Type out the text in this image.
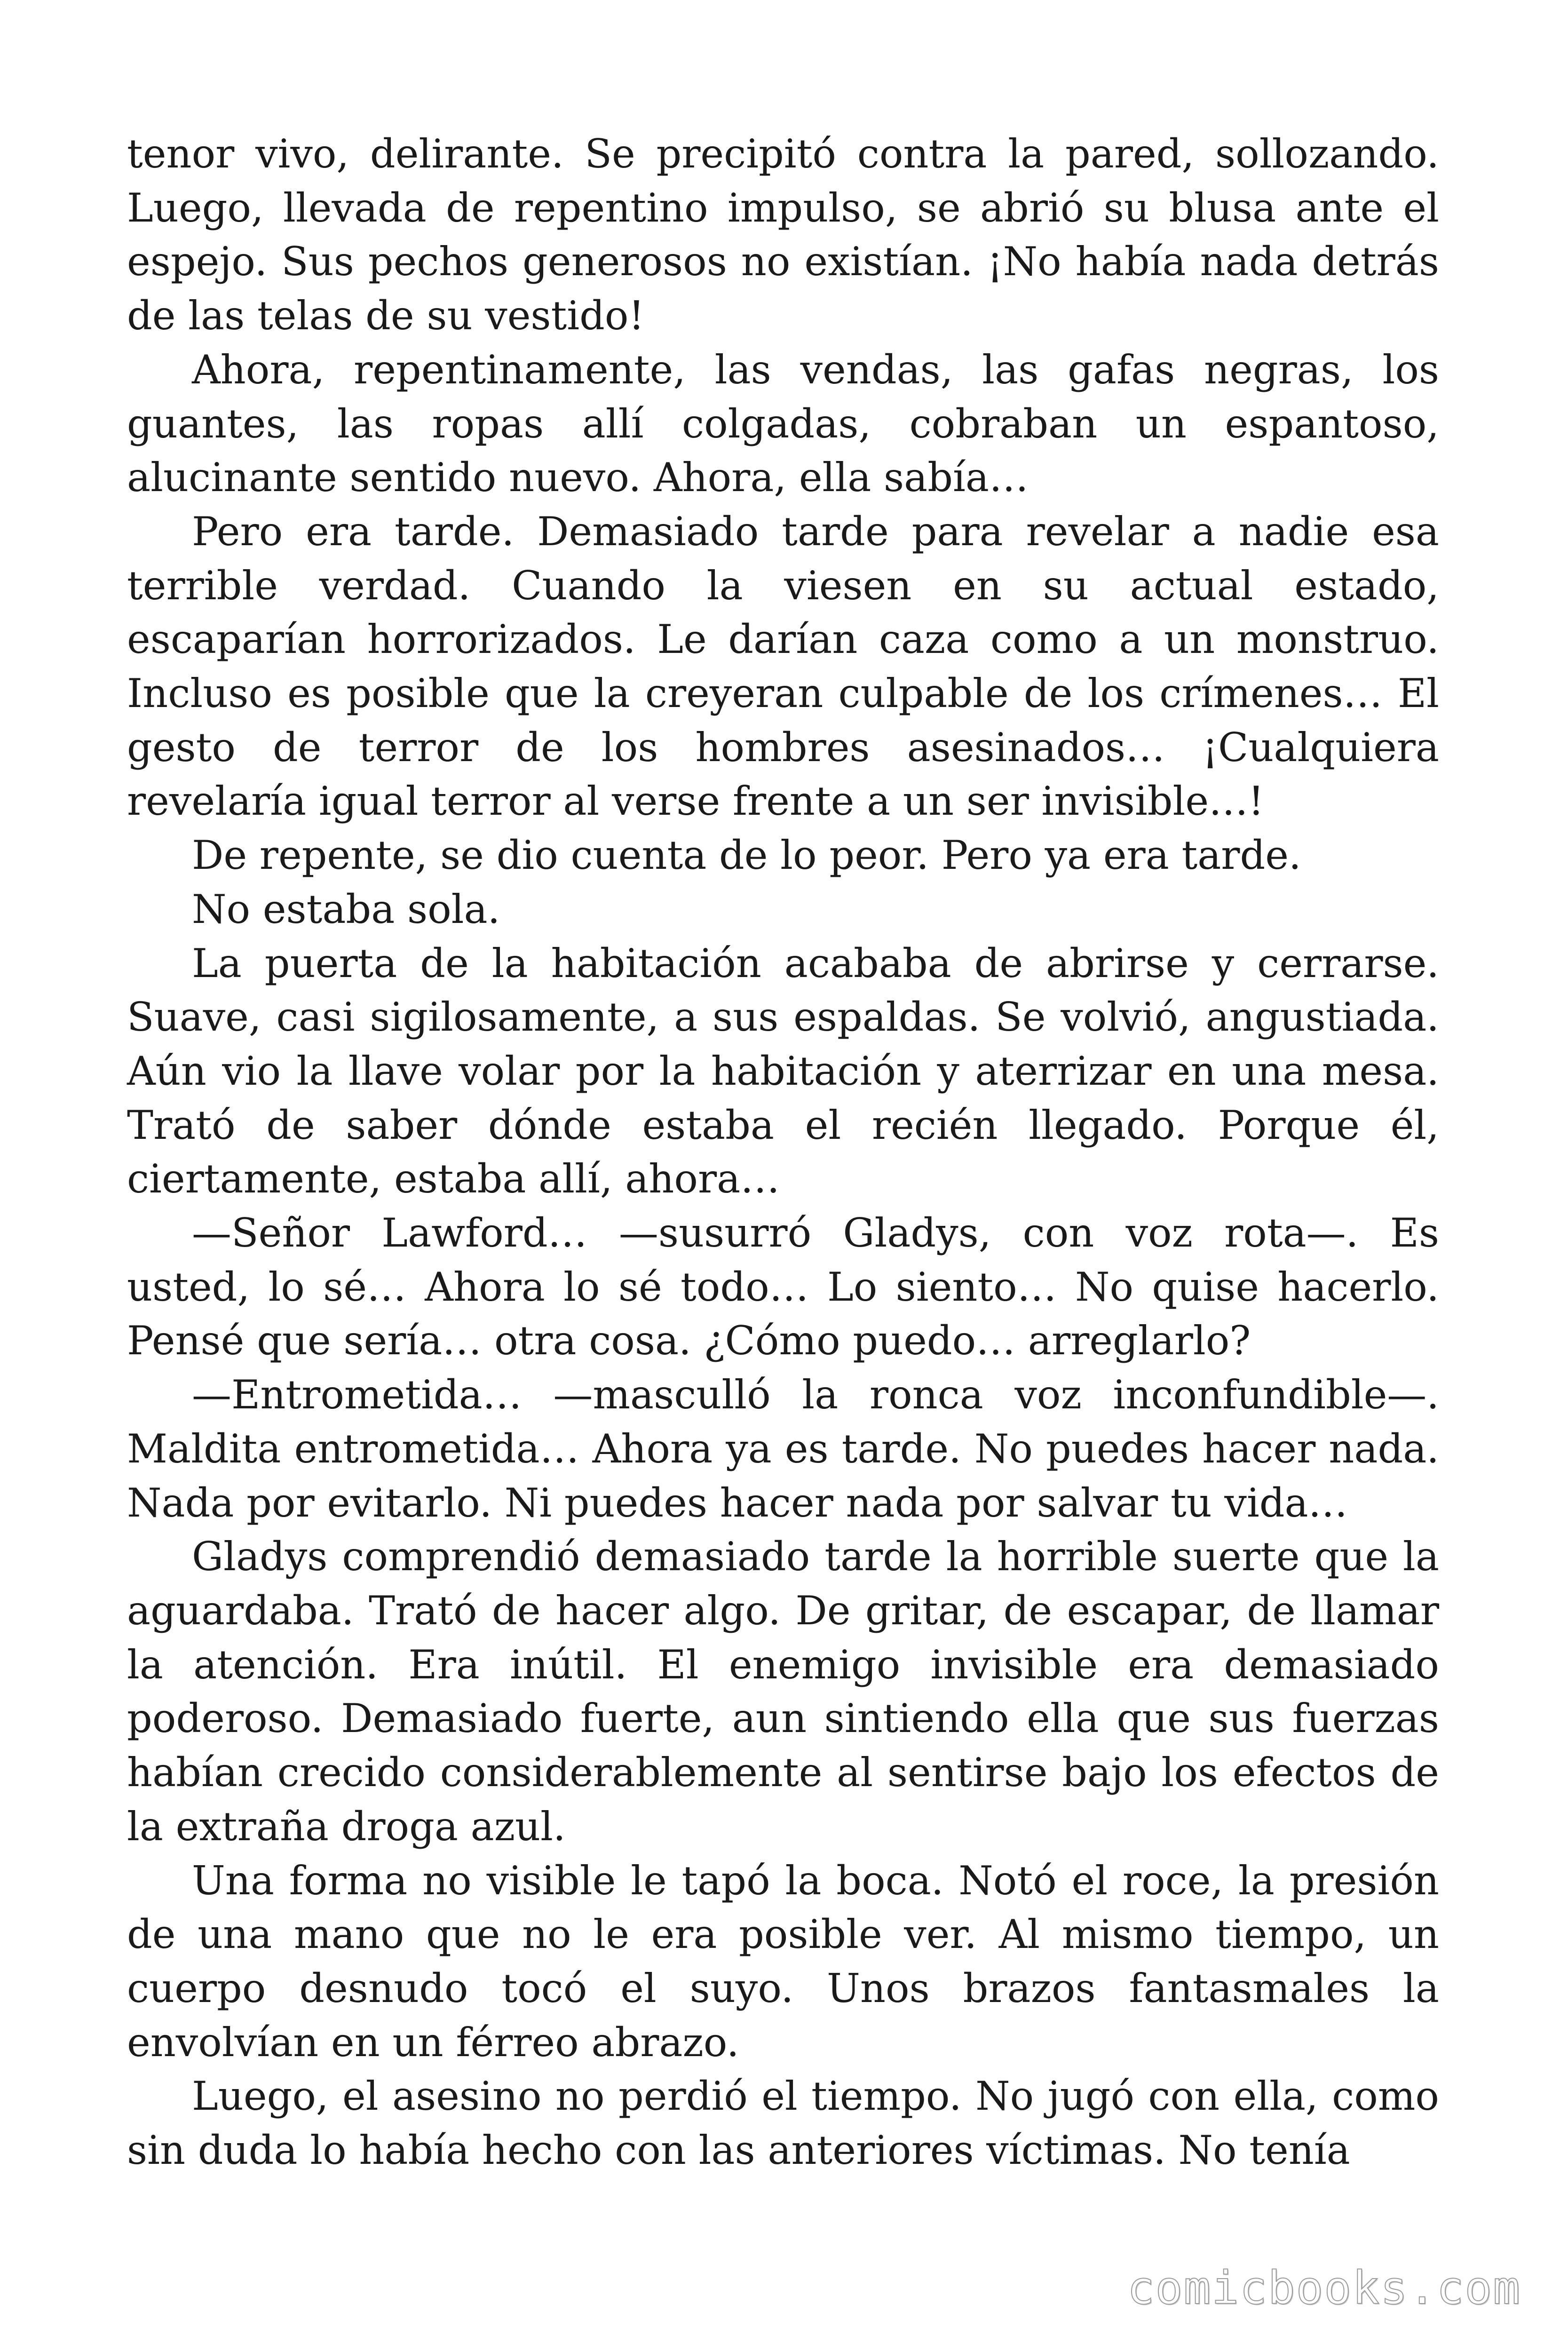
tenor vivo, delirante. Se precipitó contra la pared, sollozando. Luego, llevada de repentino impulso, se abrió su blusa ante el espejo. Sus pechos generosos no existían. ¡No había nada detrás de las telas de su vestido!

Ahora, repentinamente, las vendas, las gafas negras, los guantes, las ropas allí colgadas, cobraban un espantoso, alucinante sentido nuevo. Ahora, ella sabía…

Pero era tarde. Demasiado tarde para revelar a nadie esa terrible verdad. Cuando la viesen en su actual estado, escaparían horrorizados. Le darían caza como a un monstruo. Incluso es posible que la creyeran culpable de los crímenes… El gesto de terror de los hombres asesinados… ¡Cualquiera revelaría igual terror al verse frente a un ser invisible…!

De repente, se dio cuenta de lo peor. Pero ya era tarde.

No estaba sola.

La puerta de la habitación acababa de abrirse y cerrarse. Suave, casi sigilosamente, a sus espaldas. Se volvió, angustiada. Aún vio la llave volar por la habitación y aterrizar en una mesa. Trató de saber dónde estaba el recién llegado. Porque él, ciertamente, estaba allí, ahora…

—Señor Lawford… —susurró Gladys, con voz rota—. Es usted, lo sé… Ahora lo sé todo… Lo siento… No quise hacerlo. Pensé que sería… otra cosa. ¿Cómo puedo… arreglarlo?

—Entrometida… —masculló la ronca voz inconfundible—. Maldita entrometida… Ahora ya es tarde. No puedes hacer nada. Nada por evitarlo. Ni puedes hacer nada por salvar tu vida…

Gladys comprendió demasiado tarde la horrible suerte que la aguardaba. Trató de hacer algo. De gritar, de escapar, de llamar la atención. Era inútil. El enemigo invisible era demasiado poderoso. Demasiado fuerte, aun sintiendo ella que sus fuerzas habían crecido considerablemente al sentirse bajo los efectos de la extraña droga azul.

Una forma no visible le tapó la boca. Notó el roce, la presión de una mano que no le era posible ver. Al mismo tiempo, un cuerpo desnudo tocó el suyo. Unos brazos fantasmales la envolvían en un férreo abrazo.

Luego, el asesino no perdió el tiempo. No jugó con ella, como sin duda lo había hecho con las anteriores víctimas. No tenía

comicbooks.com
